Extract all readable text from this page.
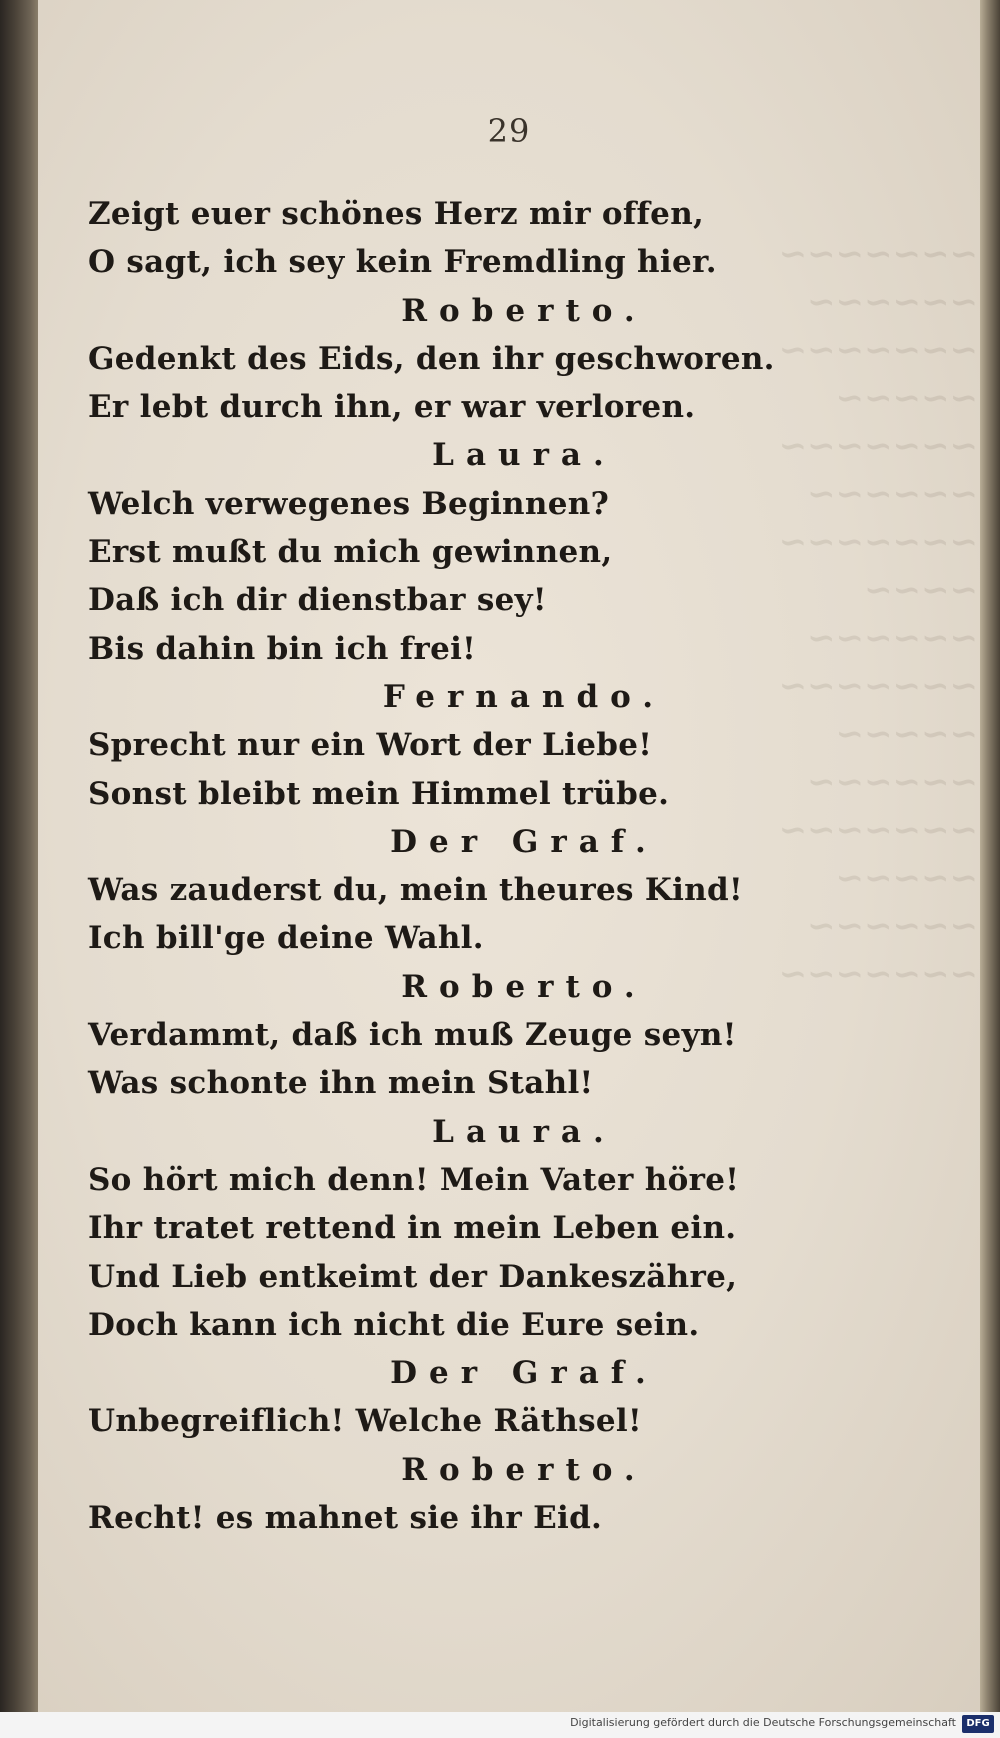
~~~~~~~
~~~~~~
~~~~~~~
~~~~~
~~~~~~~
~~~~~~
~~~~~~~
~~~~
~~~~~~
~~~~~~~
~~~~~
~~~~~~
~~~~~~~
~~~~~
~~~~~~
~~~~~~~
29
Zeigt euer schönes Herz mir offen,
O sagt, ich sey kein Fremdling hier.
Roberto.
Gedenkt des Eids, den ihr geschworen.
Er lebt durch ihn, er war verloren.
Laura.
Welch verwegenes Beginnen?
Erst mußt du mich gewinnen,
Daß ich dir dienstbar sey!
Bis dahin bin ich frei!
Fernando.
Sprecht nur ein Wort der Liebe!
Sonst bleibt mein Himmel trübe.
Der Graf.
Was zauderst du, mein theures Kind!
Ich bill'ge deine Wahl.
Roberto.
Verdammt, daß ich muß Zeuge seyn!
Was schonte ihn mein Stahl!
Laura.
So hört mich denn! Mein Vater höre!
Ihr tratet rettend in mein Leben ein.
Und Lieb entkeimt der Dankeszähre,
Doch kann ich nicht die Eure sein.
Der Graf.
Unbegreiflich! Welche Räthsel!
Roberto.
Recht! es mahnet sie ihr Eid.
Digitalisierung gefördert durch die Deutsche Forschungsgemeinschaft	DFG
